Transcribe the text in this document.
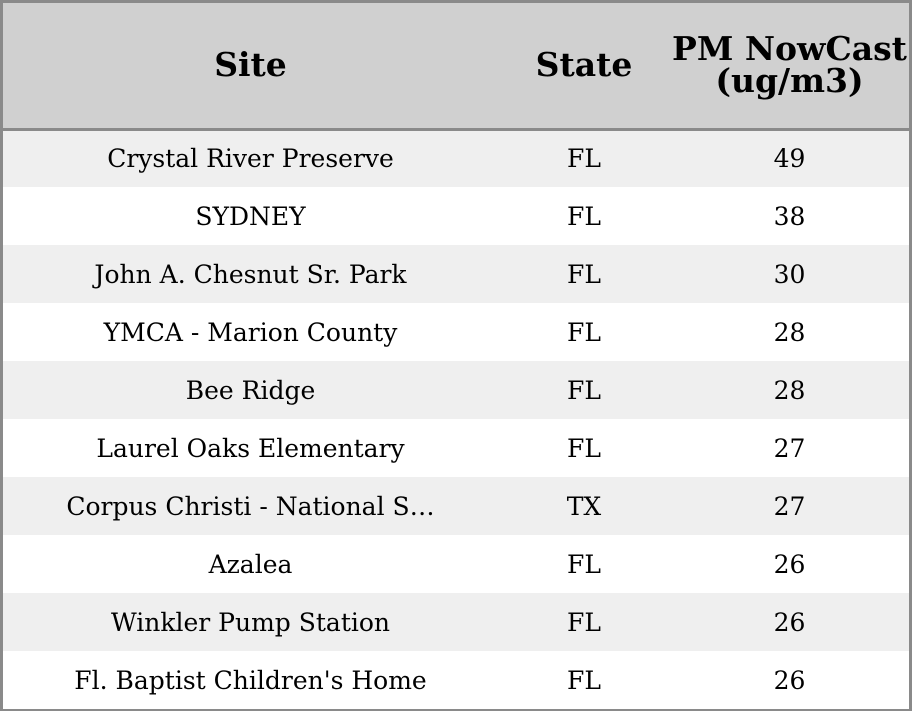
Site	State	PM NowCast (ug/m3)
Crystal River Preserve	FL	49
SYDNEY	FL	38
John A. Chesnut Sr. Park	FL	30
YMCA - Marion County	FL	28
Bee Ridge	FL	28
Laurel Oaks Elementary	FL	27
Corpus Christi - National S…	TX	27
Azalea	FL	26
Winkler Pump Station	FL	26
Fl. Baptist Children's Home	FL	26
